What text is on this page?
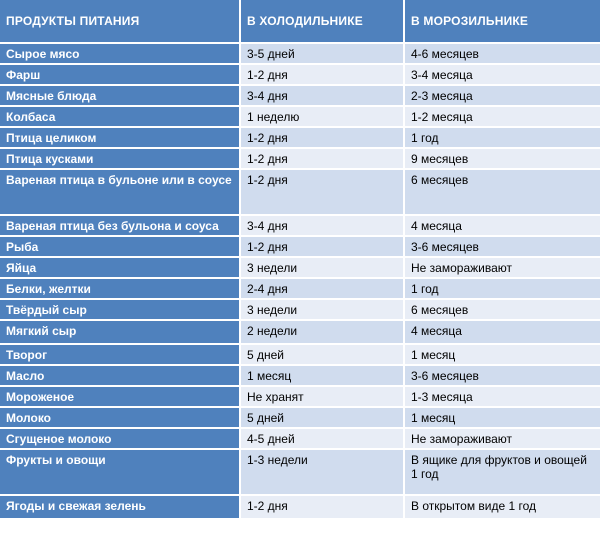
ПРОДУКТЫ ПИТАНИЯ	В ХОЛОДИЛЬНИКЕ	В МОРОЗИЛЬНИКЕ
Сырое мясо	3-5 дней	4-6 месяцев
Фарш	1-2 дня	3-4 месяца
Мясные блюда	3-4 дня	2-3 месяца
Колбаса	1 неделю	1-2 месяца
Птица целиком	1-2 дня	1 год
Птица кусками	1-2 дня	9 месяцев
Вареная птица в бульоне или в соусе	1-2 дня	6 месяцев
Вареная птица без бульона и соуса	3-4 дня	4 месяца
Рыба	1-2 дня	3-6 месяцев
Яйца	3 недели	Не замораживают
Белки, желтки	2-4 дня	1 год
Твёрдый сыр	3 недели	6 месяцев
Мягкий сыр	2 недели	4 месяца
Творог	5 дней	1 месяц
Масло	1 месяц	3-6 месяцев
Мороженое	Не хранят	1-3 месяца
Молоко	5 дней	1 месяц
Сгущеное молоко	4-5 дней	Не замораживают
Фрукты и овощи	1-3 недели	В ящике для фруктов и овощей 1 год
Ягоды и свежая зелень	1-2 дня	В открытом виде 1 год
